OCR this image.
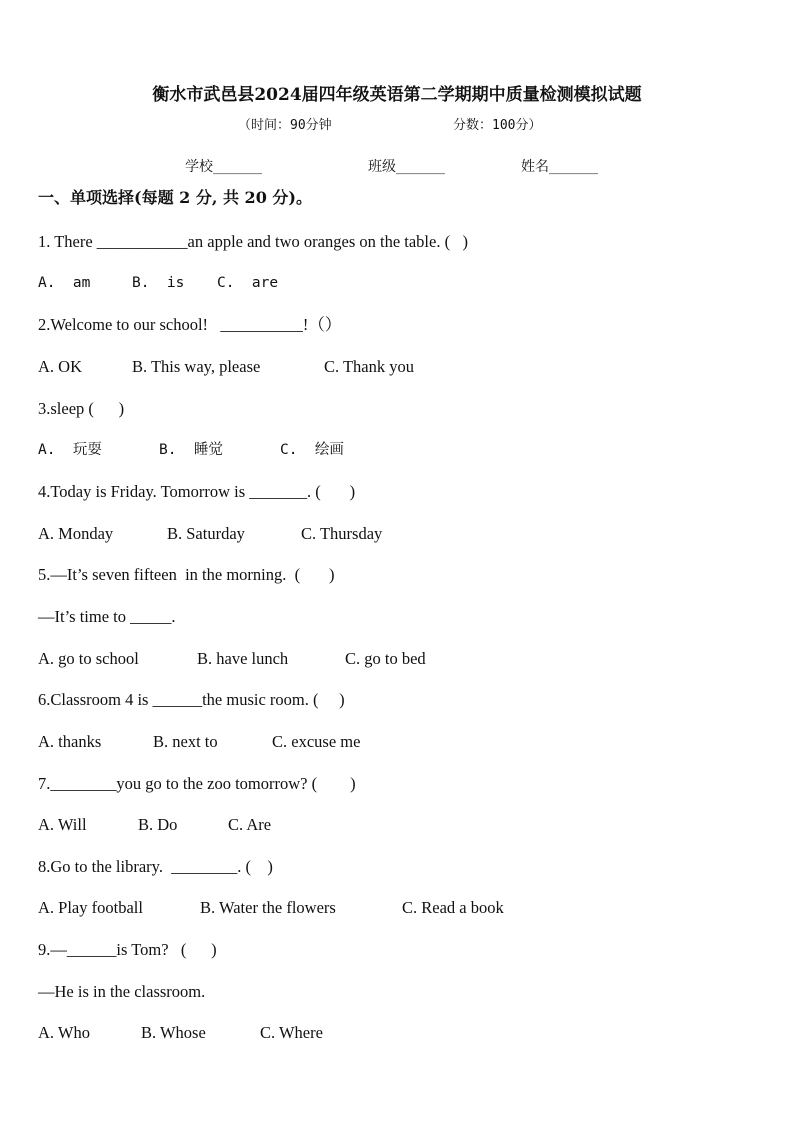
衡水市武邑县2024届四年级英语第二学期期中质量检测模拟试题
（时间：90分钟	分数：100分）
学校_______	班级_______	姓名_______
一、单项选择(每题 2 分, 共 20 分)。
1. There ___________an apple and two oranges on the table. (   )
A.  am	B.  is C.  are
2.Welcome to our school!   __________!（）
A. OK	B. This way, please	C. Thank you
3.sleep (      )
A.  玩耍	B.  睡觉	C.  绘画
4.Today is Friday. Tomorrow is _______. (       )
A. Monday	B. Saturday	C. Thursday
5.—It’s seven fifteen  in the morning.  (       )
—It’s time to _____.
A. go to school	B. have lunch	C. go to bed
6.Classroom 4 is ______the music room. (     )
A. thanks	B. next to	C. excuse me
7.________you go to the zoo tomorrow? (        )
A. Will	B. Do	C. Are
8.Go to the library.  ________. (    )
A. Play football	B. Water the flowers	C. Read a book
9.—______is Tom?   (      )
—He is in the classroom.
A. Who	B. Whose	C. Where
